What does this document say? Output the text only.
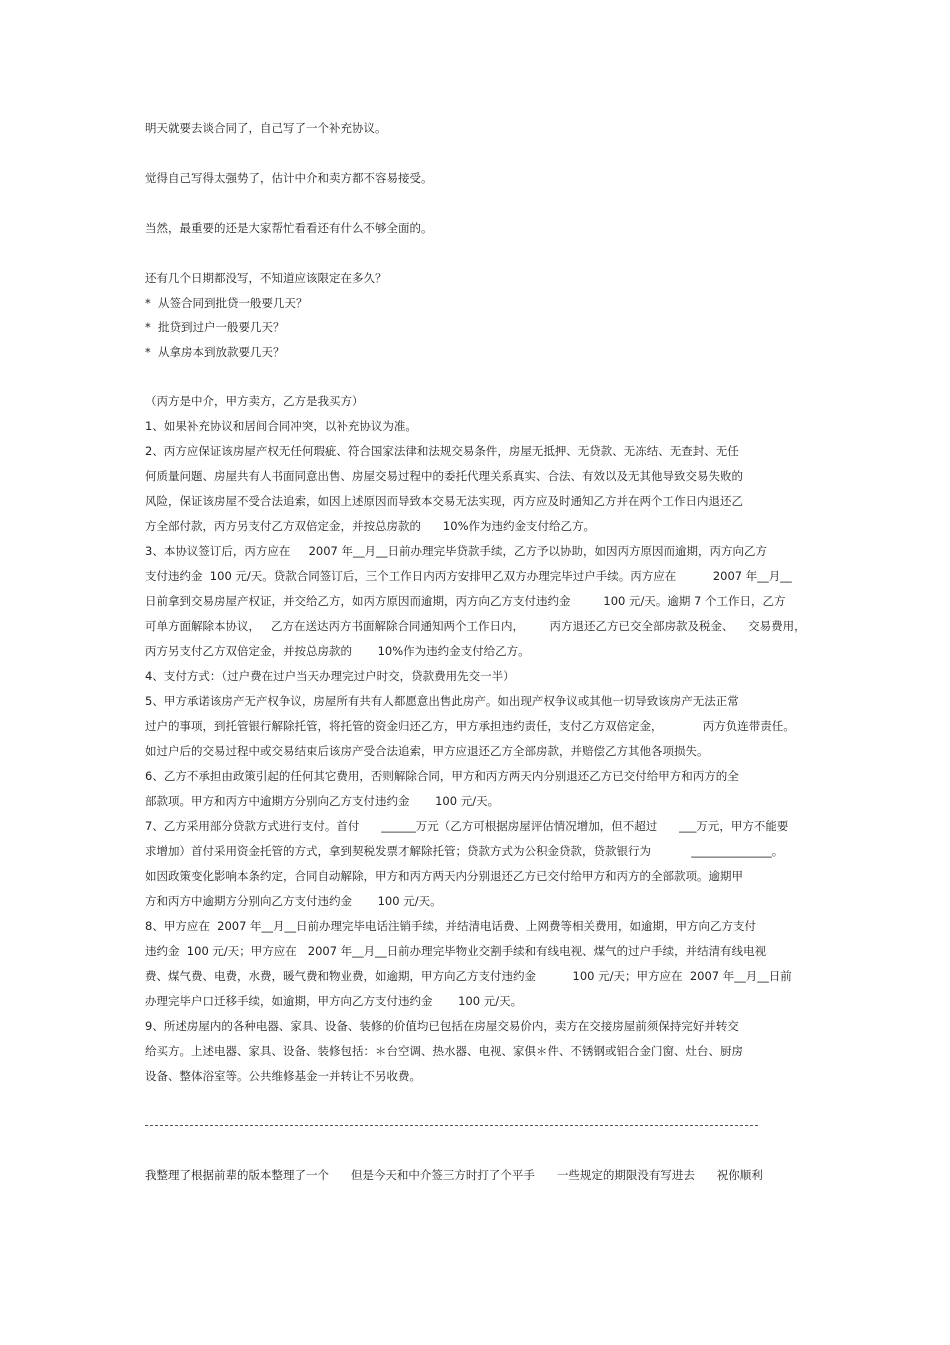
明天就要去谈合同了，自己写了一个补充协议。
觉得自己写得太强势了，估计中介和卖方都不容易接受。
当然，最重要的还是大家帮忙看看还有什么不够全面的。
还有几个日期都没写，不知道应该限定在多久？
*  从签合同到批贷一般要几天？
*  批贷到过户一般要几天？
*  从拿房本到放款要几天？
（丙方是中介，甲方卖方，乙方是我买方）
1、如果补充协议和居间合同冲突，以补充协议为准。
2、丙方应保证该房屋产权无任何瑕疵、符合国家法律和法规交易条件，房屋无抵押、无贷款、无冻结、无查封、无任
何质量问题、房屋共有人书面同意出售、房屋交易过程中的委托代理关系真实、合法、有效以及无其他导致交易失败的
风险，保证该房屋不受合法追索，如因上述原因而导致本交易无法实现，丙方应及时通知乙方并在两个工作日内退还乙
方全部付款，丙方另支付乙方双倍定金，并按总房款的      10%作为违约金支付给乙方。
3、本协议签订后，丙方应在     2007 年__月__日前办理完毕贷款手续，乙方予以协助，如因丙方原因而逾期，丙方向乙方
支付违约金  100 元/天。贷款合同签订后，三个工作日内丙方安排甲乙双方办理完毕过户手续。丙方应在          2007 年__月__
日前拿到交易房屋产权证，并交给乙方，如丙方原因而逾期，丙方向乙方支付违约金         100 元/天。逾期 7 个工作日，乙方
可单方面解除本协议，   乙方在送达丙方书面解除合同通知两个工作日内，       丙方退还乙方已交全部房款及税金、    交易费用，
丙方另支付乙方双倍定金，并按总房款的       10%作为违约金支付给乙方。
4、支付方式：（过户费在过户当天办理完过户时交，贷款费用先交一半）
5、甲方承诺该房产无产权争议，房屋所有共有人都愿意出售此房产。如出现产权争议或其他一切导致该房产无法正常
过户的事项，到托管银行解除托管，将托管的资金归还乙方，甲方承担违约责任，支付乙方双倍定金，           丙方负连带责任。
如过户后的交易过程中或交易结束后该房产受合法追索，甲方应退还乙方全部房款，并赔偿乙方其他各项损失。
6、乙方不承担由政策引起的任何其它费用，否则解除合同，甲方和丙方两天内分别退还乙方已交付给甲方和丙方的全
部款项。甲方和丙方中逾期方分别向乙方支付违约金       100 元/天。
7、乙方采用部分贷款方式进行支付。首付      ______万元（乙方可根据房屋评估情况增加，但不超过      ___万元，甲方不能要
求增加）首付采用资金托管的方式，拿到契税发票才解除托管；贷款方式为公积金贷款，贷款银行为           ______________。
如因政策变化影响本条约定，合同自动解除，甲方和丙方两天内分别退还乙方已交付给甲方和丙方的全部款项。逾期甲
方和丙方中逾期方分别向乙方支付违约金       100 元/天。
8、甲方应在  2007 年__月__日前办理完毕电话注销手续，并结清电话费、上网费等相关费用，如逾期，甲方向乙方支付
违约金  100 元/天；甲方应在   2007 年__月__日前办理完毕物业交割手续和有线电视、煤气的过户手续，并结清有线电视
费、煤气费、电费，水费，暖气费和物业费，如逾期，甲方向乙方支付违约金          100 元/天；甲方应在  2007 年__月__日前
办理完毕户口迁移手续，如逾期，甲方向乙方支付违约金       100 元/天。
9、所述房屋内的各种电器、家具、设备、装修的价值均已包括在房屋交易价内，卖方在交接房屋前须保持完好并转交
给买方。上述电器、家具、设备、装修包括：＊台空调、热水器、电视、家俱＊件、不锈钢或铝合金门窗、灶台、厨房
设备、整体浴室等。公共维修基金一并转让不另收费。
我整理了根据前辈的版本整理了一个      但是今天和中介签三方时打了个平手      一些规定的期限没有写进去      祝你顺利
